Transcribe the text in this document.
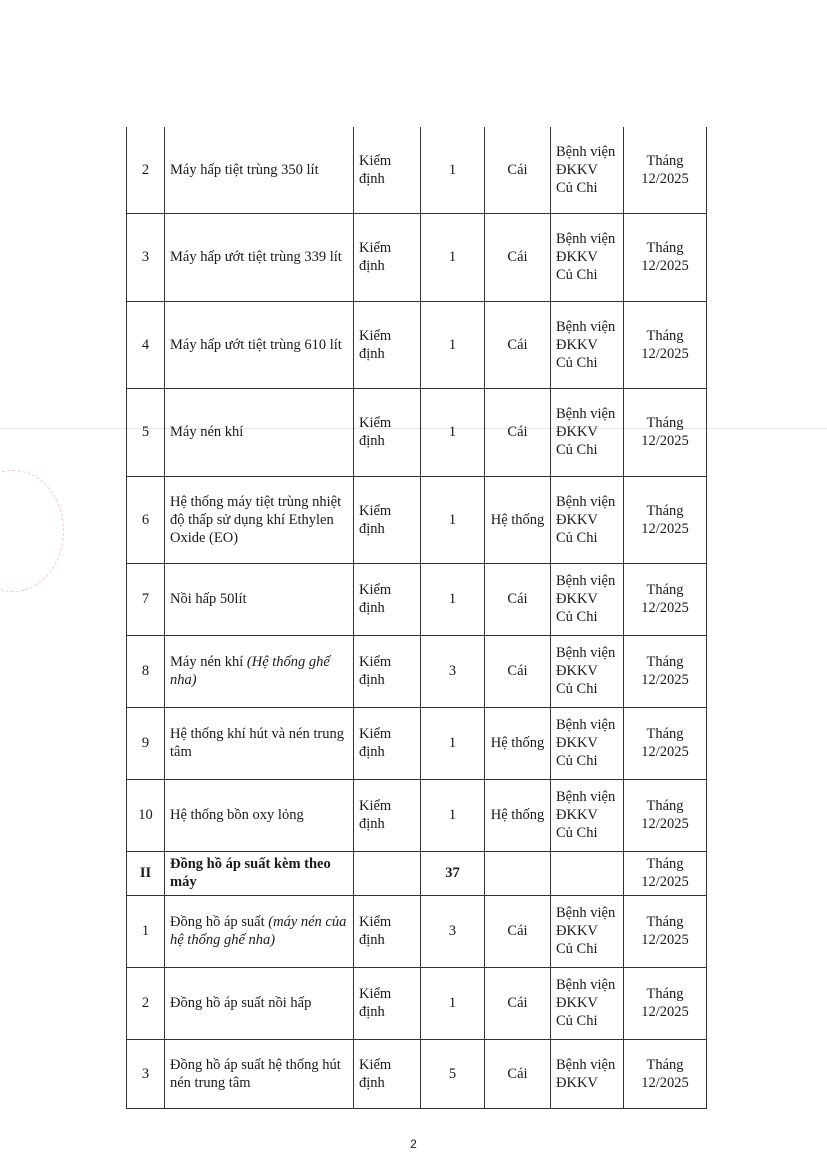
2	Máy hấp tiệt trùng 350 lít	Kiểm định	1	Cái	Bệnh viện ĐKKV Củ Chi	Tháng 12/2025
3	Máy hấp ướt tiệt trùng 339 lít	Kiểm định	1	Cái	Bệnh viện ĐKKV Củ Chi	Tháng 12/2025
4	Máy hấp ướt tiệt trùng 610 lít	Kiểm định	1	Cái	Bệnh viện ĐKKV Củ Chi	Tháng 12/2025
5	Máy nén khí	Kiểm định	1	Cái	Bệnh viện ĐKKV Củ Chi	Tháng 12/2025
6	Hệ thống máy tiệt trùng nhiệt độ thấp sử dụng khí Ethylen Oxide (EO)	Kiểm định	1	Hệ thống	Bệnh viện ĐKKV Củ Chi	Tháng 12/2025
7	Nồi hấp 50lít	Kiểm định	1	Cái	Bệnh viện ĐKKV Củ Chi	Tháng 12/2025
8	Máy nén khí (Hệ thống ghế nha)	Kiểm định	3	Cái	Bệnh viện ĐKKV Củ Chi	Tháng 12/2025
9	Hệ thống khí hút và nén trung tâm	Kiểm định	1	Hệ thống	Bệnh viện ĐKKV Củ Chi	Tháng 12/2025
10	Hệ thống bồn oxy lỏng	Kiểm định	1	Hệ thống	Bệnh viện ĐKKV Củ Chi	Tháng 12/2025
II	Đồng hồ áp suất kèm theo máy		37			Tháng 12/2025
1	Đồng hồ áp suất (máy nén của hệ thống ghế nha)	Kiểm định	3	Cái	Bệnh viện ĐKKV Củ Chi	Tháng 12/2025
2	Đồng hồ áp suất nồi hấp	Kiểm định	1	Cái	Bệnh viện ĐKKV Củ Chi	Tháng 12/2025
3	Đồng hồ áp suất hệ thống hút nén trung tâm	Kiểm định	5	Cái	Bệnh viện ĐKKV	Tháng 12/2025
2
